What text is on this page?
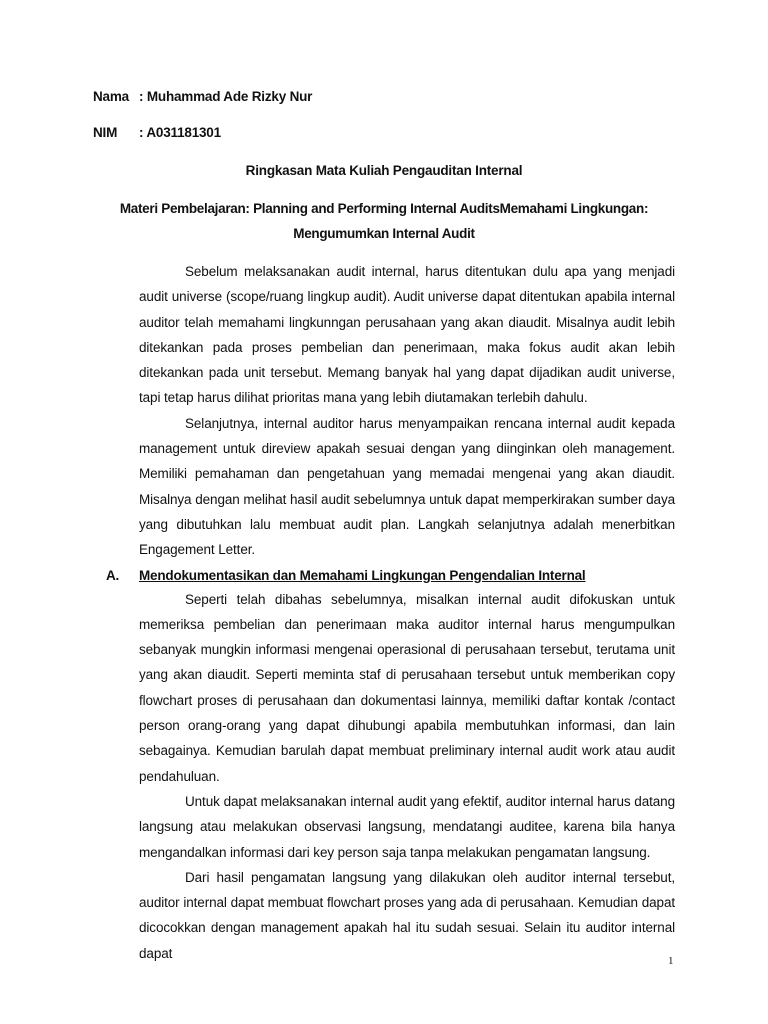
Nama : Muhammad Ade Rizky Nur
NIM : A031181301
Ringkasan Mata Kuliah Pengauditan Internal
Materi Pembelajaran: Planning and Performing Internal AuditsMemahami Lingkungan: Mengumumkan Internal Audit

Sebelum melaksanakan audit internal, harus ditentukan dulu apa yang menjadi audit universe (scope/ruang lingkup audit). Audit universe dapat ditentukan apabila internal auditor telah memahami lingkunngan perusahaan yang akan diaudit. Misalnya audit lebih ditekankan pada proses pembelian dan penerimaan, maka fokus audit akan lebih ditekankan pada unit tersebut. Memang banyak hal yang dapat dijadikan audit universe, tapi tetap harus dilihat prioritas mana yang lebih diutamakan terlebih dahulu.

Selanjutnya, internal auditor harus menyampaikan rencana internal audit kepada management untuk direview apakah sesuai dengan yang diinginkan oleh management. Memiliki pemahaman dan pengetahuan yang memadai mengenai yang akan diaudit. Misalnya dengan melihat hasil audit sebelumnya untuk dapat memperkirakan sumber daya yang dibutuhkan lalu membuat audit plan. Langkah selanjutnya adalah menerbitkan Engagement Letter.

A. Mendokumentasikan dan Memahami Lingkungan Pengendalian Internal

Seperti telah dibahas sebelumnya, misalkan internal audit difokuskan untuk memeriksa pembelian dan penerimaan maka auditor internal harus mengumpulkan sebanyak mungkin informasi mengenai operasional di perusahaan tersebut, terutama unit yang akan diaudit. Seperti meminta staf di perusahaan tersebut untuk memberikan copy flowchart proses di perusahaan dan dokumentasi lainnya, memiliki daftar kontak /contact person orang-orang yang dapat dihubungi apabila membutuhkan informasi, dan lain sebagainya. Kemudian barulah dapat membuat preliminary internal audit work atau audit pendahuluan.

Untuk dapat melaksanakan internal audit yang efektif, auditor internal harus datang langsung atau melakukan observasi langsung, mendatangi auditee, karena bila hanya mengandalkan informasi dari key person saja tanpa melakukan pengamatan langsung.

Dari hasil pengamatan langsung yang dilakukan oleh auditor internal tersebut, auditor internal dapat membuat flowchart proses yang ada di perusahaan. Kemudian dapat dicocokkan dengan management apakah hal itu sudah sesuai. Selain itu auditor internal dapat

1
